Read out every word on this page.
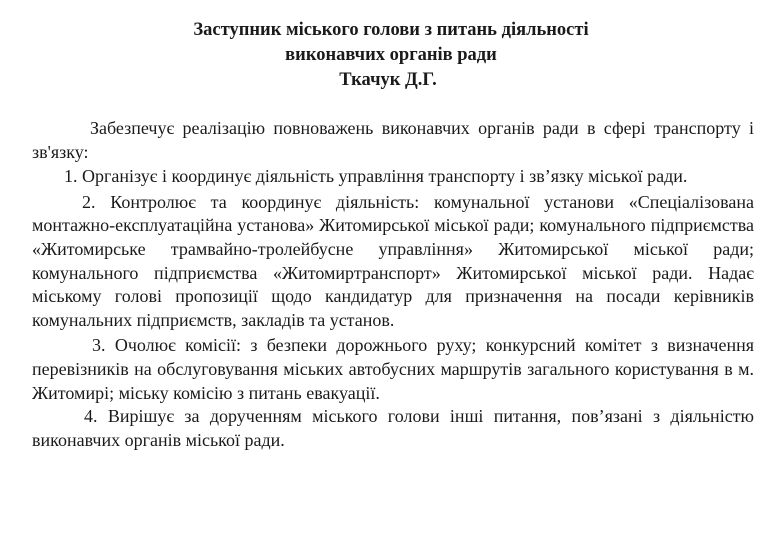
Заступник міського голови з питань діяльності
виконавчих органів ради
Ткачук Д.Г.

Забезпечує реалізацію повноважень виконавчих органів ради в сфері транспорту і зв'язку:

1. Організує і координує діяльність управління транспорту і зв’язку міської ради.

2. Контролює та координує діяльність: комунальної установи «Спеціалізована монтажно-експлуатаційна установа» Житомирської міської ради; комунального підприємства «Житомирське трамвайно-тролейбусне управління» Житомирської міської ради; комунального підприємства «Житомиртранспорт» Житомирської міської ради. Надає міському голові пропозиції щодо кандидатур для призначення на посади керівників комунальних підприємств, закладів та установ.

3. Очолює комісії: з безпеки дорожнього руху; конкурсний комітет з визначення перевізників на обслуговування міських автобусних маршрутів загального користування в м. Житомирі; міську комісію з питань евакуації.

4. Вирішує за дорученням міського голови інші питання, пов’язані з діяльністю виконавчих органів міської ради.
